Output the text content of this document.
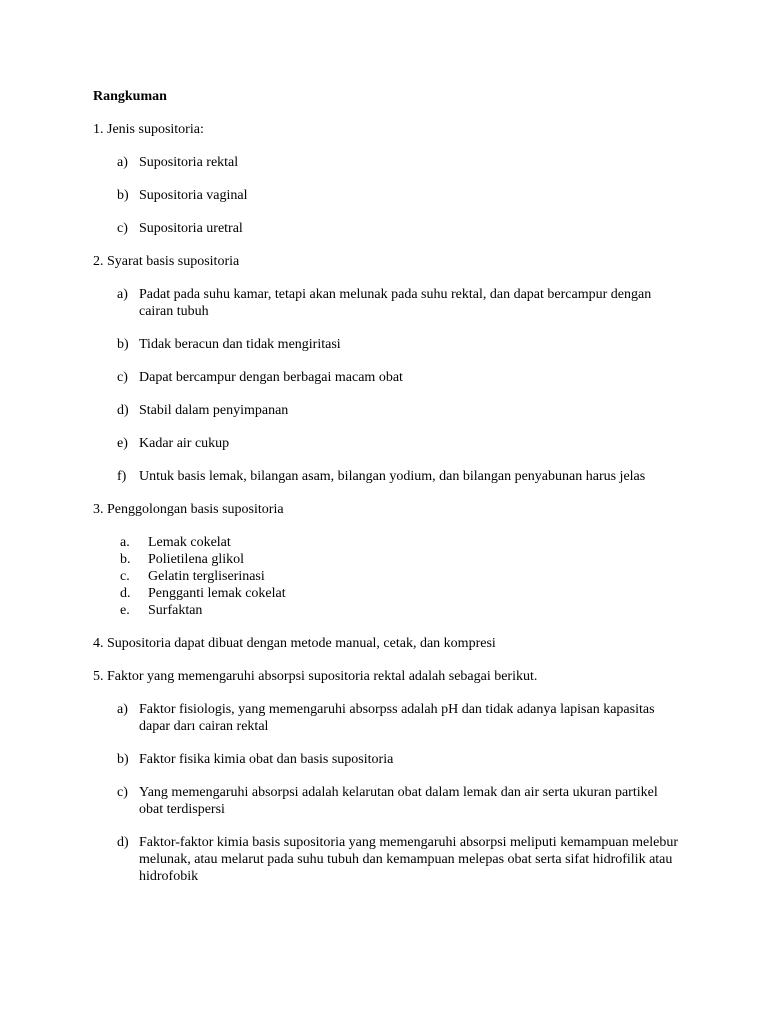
Rangkuman
1. Jenis supositoria:
a) Supositoria rektal
b) Supositoria vaginal
c) Supositoria uretral
2. Syarat basis supositoria
a) Padat pada suhu kamar, tetapi akan melunak pada suhu rektal, dan dapat bercampur dengan cairan tubuh
b) Tidak beracun dan tidak mengiritasi
c) Dapat bercampur dengan berbagai macam obat
d) Stabil dalam penyimpanan
e) Kadar air cukup
f) Untuk basis lemak, bilangan asam, bilangan yodium, dan bilangan penyabunan harus jelas
3. Penggolongan basis supositoria
a.	Lemak cokelat
b.	Polietilena glikol
c.	Gelatin tergliserinasi
d.	Pengganti lemak cokelat
e.	Surfaktan
4. Supositoria dapat dibuat dengan metode manual, cetak, dan kompresi
5. Faktor yang memengaruhi absorpsi supositoria rektal adalah sebagai berikut.
a) Faktor fisiologis, yang memengaruhi absorpss adalah pH dan tidak adanya lapisan kapasitas dapar darı cairan rektal
b) Faktor fisika kimia obat dan basis supositoria
c) Yang memengaruhi absorpsi adalah kelarutan obat dalam lemak dan air serta ukuran partikel obat terdispersi
d) Faktor-faktor kimia basis supositoria yang memengaruhi absorpsi meliputi kemampuan melebur melunak, atau melarut pada suhu tubuh dan kemampuan melepas obat serta sifat hidrofilik atau hidrofobik
